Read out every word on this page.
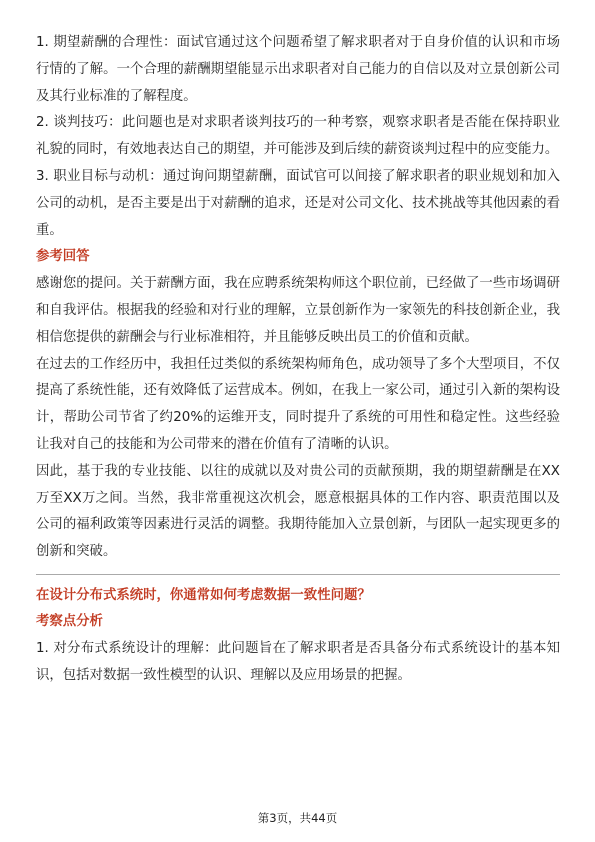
1. 期望薪酬的合理性：面试官通过这个问题希望了解求职者对于自身价值的认识和市场行情的了解。一个合理的薪酬期望能显示出求职者对自己能力的自信以及对立景创新公司及其行业标准的了解程度。

2. 谈判技巧：此问题也是对求职者谈判技巧的一种考察，观察求职者是否能在保持职业礼貌的同时，有效地表达自己的期望，并可能涉及到后续的薪资谈判过程中的应变能力。

3. 职业目标与动机：通过询问期望薪酬，面试官可以间接了解求职者的职业规划和加入公司的动机，是否主要是出于对薪酬的追求，还是对公司文化、技术挑战等其他因素的看重。

参考回答

感谢您的提问。关于薪酬方面，我在应聘系统架构师这个职位前，已经做了一些市场调研和自我评估。根据我的经验和对行业的理解，立景创新作为一家领先的科技创新企业，我相信您提供的薪酬会与行业标准相符，并且能够反映出员工的价值和贡献。

在过去的工作经历中，我担任过类似的系统架构师角色，成功领导了多个大型项目，不仅提高了系统性能，还有效降低了运营成本。例如，在我上一家公司，通过引入新的架构设计，帮助公司节省了约20%的运维开支，同时提升了系统的可用性和稳定性。这些经验让我对自己的技能和为公司带来的潜在价值有了清晰的认识。

因此，基于我的专业技能、以往的成就以及对贵公司的贡献预期，我的期望薪酬是在XX万至XX万之间。当然，我非常重视这次机会，愿意根据具体的工作内容、职责范围以及公司的福利政策等因素进行灵活的调整。我期待能加入立景创新，与团队一起实现更多的创新和突破。

在设计分布式系统时，你通常如何考虑数据一致性问题？

考察点分析

1. 对分布式系统设计的理解：此问题旨在了解求职者是否具备分布式系统设计的基本知识，包括对数据一致性模型的认识、理解以及应用场景的把握。

第3页，共44页
